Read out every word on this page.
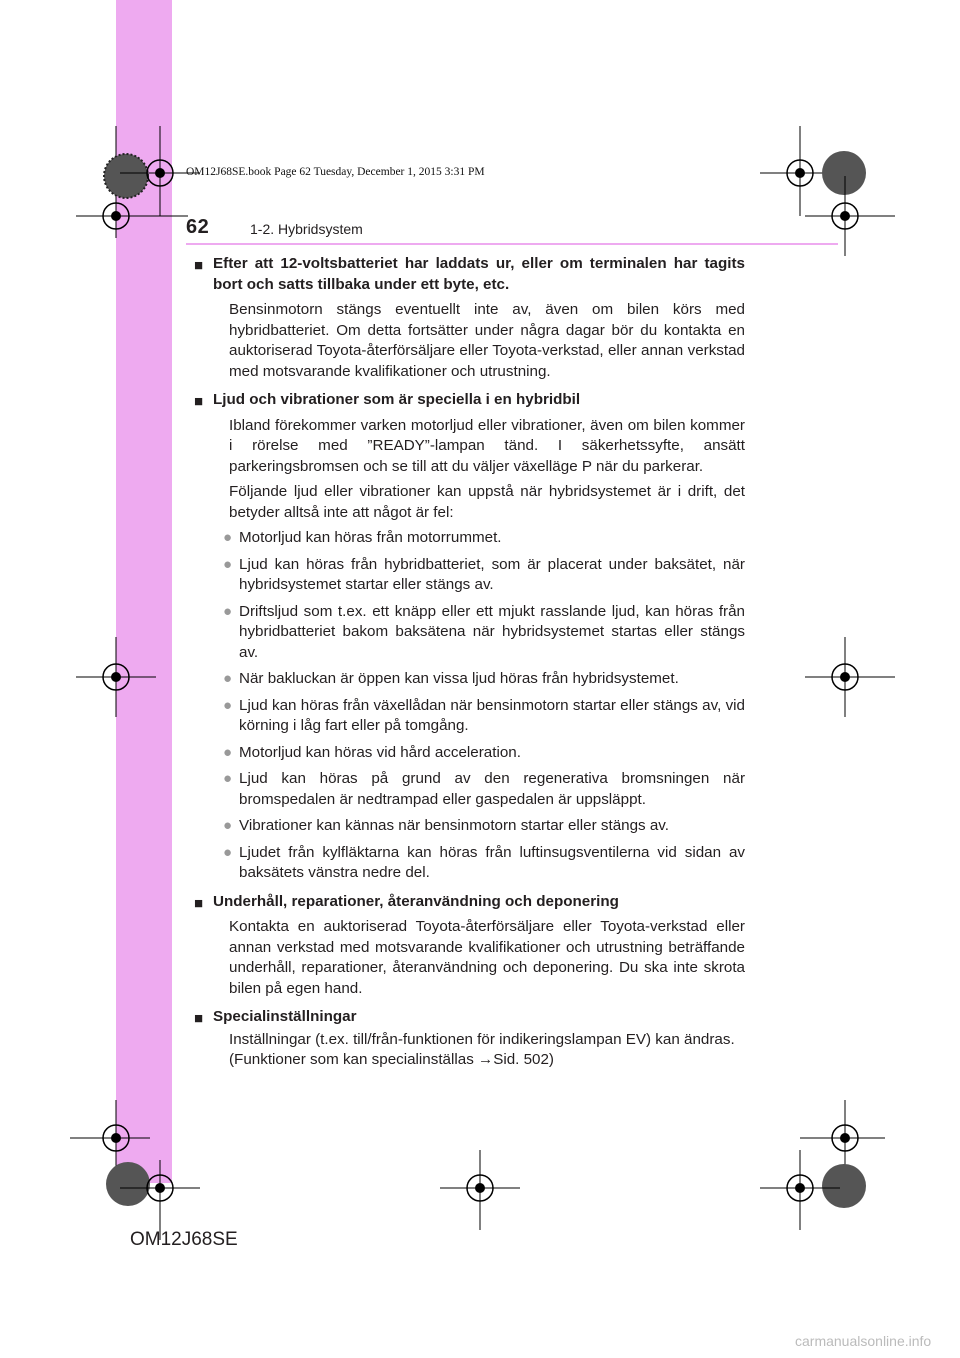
OM12J68SE.book Page 62 Tuesday, December 1, 2015 3:31 PM
62	1-2. Hybridsystem
■ Efter att 12-voltsbatteriet har laddats ur, eller om terminalen har tagits bort och satts tillbaka under ett byte, etc.
Bensinmotorn stängs eventuellt inte av, även om bilen körs med hybridbatteriet. Om detta fortsätter under några dagar bör du kontakta en auktoriserad Toyota-återförsäljare eller Toyota-verkstad, eller annan verkstad med motsvarande kvalifikationer och utrustning.
■ Ljud och vibrationer som är speciella i en hybridbil
Ibland förekommer varken motorljud eller vibrationer, även om bilen kommer i rörelse med ”READY”-lampan tänd. I säkerhetssyfte, ansätt parkeringsbromsen och se till att du väljer växelläge P när du parkerar.
Följande ljud eller vibrationer kan uppstå när hybridsystemet är i drift, det betyder alltså inte att något är fel:
● Motorljud kan höras från motorrummet.
● Ljud kan höras från hybridbatteriet, som är placerat under baksätet, när hybridsystemet startar eller stängs av.
● Driftsljud som t.ex. ett knäpp eller ett mjukt rasslande ljud, kan höras från hybridbatteriet bakom baksätena när hybridsystemet startas eller stängs av.
● När bakluckan är öppen kan vissa ljud höras från hybridsystemet.
● Ljud kan höras från växellådan när bensinmotorn startar eller stängs av, vid körning i låg fart eller på tomgång.
● Motorljud kan höras vid hård acceleration.
● Ljud kan höras på grund av den regenerativa bromsningen när bromspedalen är nedtrampad eller gaspedalen är uppsläppt.
● Vibrationer kan kännas när bensinmotorn startar eller stängs av.
● Ljudet från kylfläktarna kan höras från luftinsugsventilerna vid sidan av baksätets vänstra nedre del.
■ Underhåll, reparationer, återanvändning och deponering
Kontakta en auktoriserad Toyota-återförsäljare eller Toyota-verkstad eller annan verkstad med motsvarande kvalifikationer och utrustning beträffande underhåll, reparationer, återanvändning och deponering. Du ska inte skrota bilen på egen hand.
■ Specialinställningar
Inställningar (t.ex. till/från-funktionen för indikeringslampan EV) kan ändras.
(Funktioner som kan specialinställas →Sid. 502)
OM12J68SE
carmanualsonline.info
